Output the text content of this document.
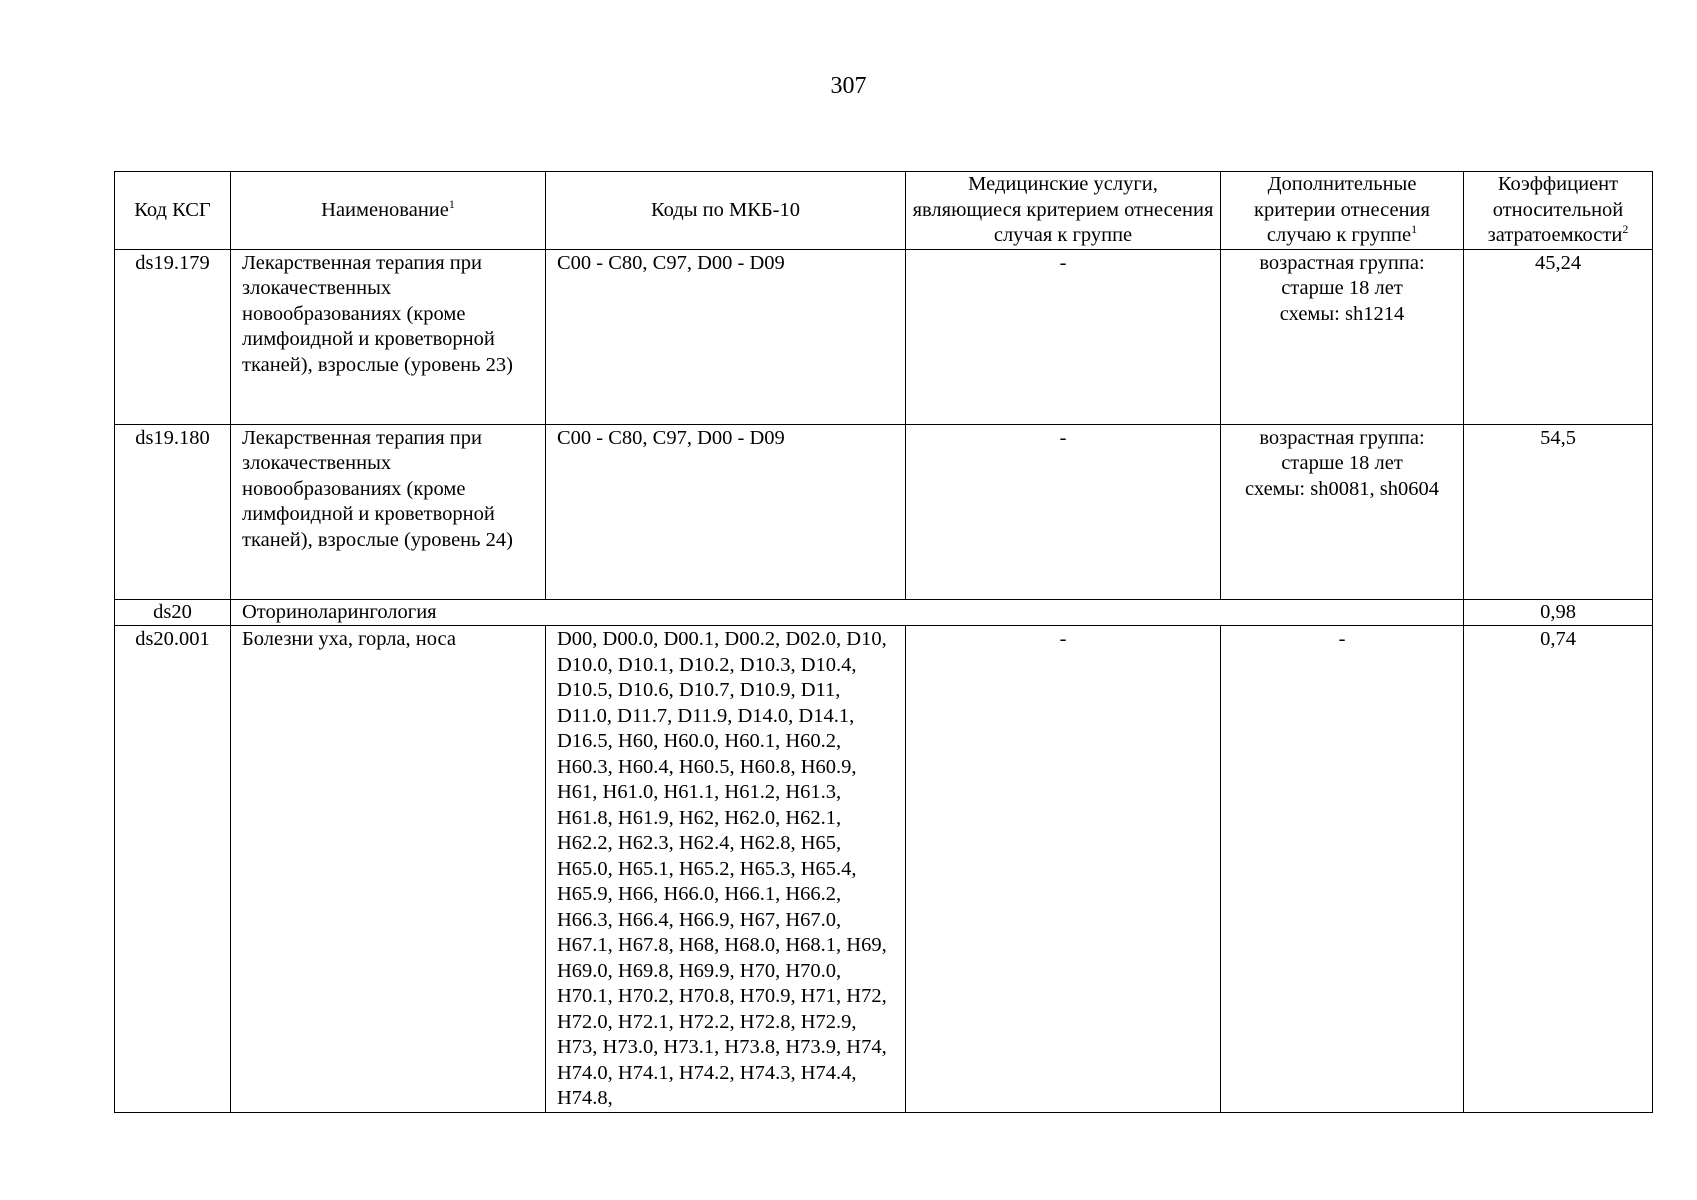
307
Код КСГ	Наименование$^1$	Коды по МКБ-10	Медицинские услуги, являющиеся критерием отнесения случая к группе	Дополнительные критерии отнесения случаю к группе$^1$	Коэффициент относительной затратоемкости$^2$
ds19.179	Лекарственная терапия при злокачественных новообразованиях (кроме лимфоидной и кроветворной тканей), взрослые (уровень 23)	C00 - C80, C97, D00 - D09	-	возрастная группа:
старше 18 лет
схемы: sh1214	45,24
ds19.180	Лекарственная терапия при злокачественных новообразованиях (кроме лимфоидной и кроветворной тканей), взрослые (уровень 24)	C00 - C80, C97, D00 - D09	-	возрастная группа:
старше 18 лет
схемы: sh0081, sh0604	54,5
ds20	Оториноларингология				0,98
ds20.001	Болезни уха, горла, носа	D00, D00.0, D00.1, D00.2, D02.0, D10, D10.0, D10.1, D10.2, D10.3, D10.4, D10.5, D10.6, D10.7, D10.9, D11, D11.0, D11.7, D11.9, D14.0, D14.1, D16.5, H60, H60.0, H60.1, H60.2, H60.3, H60.4, H60.5, H60.8, H60.9, H61, H61.0, H61.1, H61.2, H61.3, H61.8, H61.9, H62, H62.0, H62.1, H62.2, H62.3, H62.4, H62.8, H65, H65.0, H65.1, H65.2, H65.3, H65.4, H65.9, H66, H66.0, H66.1, H66.2, H66.3, H66.4, H66.9, H67, H67.0, H67.1, H67.8, H68, H68.0, H68.1, H69, H69.0, H69.8, H69.9, H70, H70.0, H70.1, H70.2, H70.8, H70.9, H71, H72, H72.0, H72.1, H72.2, H72.8, H72.9, H73, H73.0, H73.1, H73.8, H73.9, H74, H74.0, H74.1, H74.2, H74.3, H74.4, H74.8,	-	-	0,74
